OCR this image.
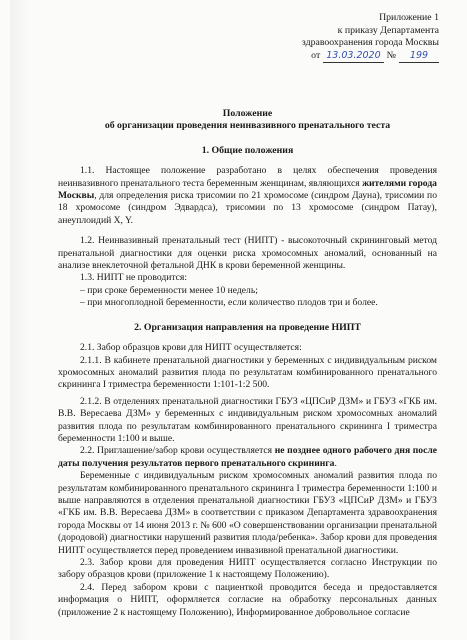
Приложение 1
к приказу Департамента
здравоохранения города Москвы
от 13.03.2020 №	199
Положение
об организации проведения неинвазивного пренатального теста
1. Общие положения

1.1. Настоящее положение разработано в целях обеспечения проведения неинвазивного пренатального теста беременным женщинам, являющихся жителями города Москвы, для определения риска трисомии по 21 хромосоме (синдром Дауна), трисомии по 18 хромосоме (синдром Эдвардса), трисомии по 13 хромосоме (синдром Патау), анеуплоидий X, Y.

1.2. Неинвазивный пренатальный тест (НИПТ) - высокоточный скрининговый метод пренатальной диагностики для оценки риска хромосомных аномалий, основанный на анализе внеклеточной фетальной ДНК в крови беременной женщины.

1.3. НИПТ не проводится:

– при сроке беременности менее 10 недель;

– при многоплодной беременности, если количество плодов три и более.

2. Организация направления на проведение НИПТ

2.1. Забор образцов крови для НИПТ осуществляется:

2.1.1. В кабинете пренатальной диагностики у беременных с индивидуальным риском хромосомных аномалий развития плода по результатам комбинированного пренатального скрининга I триместра беременности 1:101-1:2 500.

2.1.2. В отделениях пренатальной диагностики ГБУЗ «ЦПСиР ДЗМ» и ГБУЗ «ГКБ им. В.В. Вересаева ДЗМ» у беременных с индивидуальным риском хромосомных аномалий развития плода по результатам комбинированного пренатального скрининга I триместра беременности 1:100 и выше.

2.2. Приглашение/забор крови осуществляется не позднее одного рабочего дня после даты получения результатов первого пренатального скрининга.

Беременные с индивидуальным риском хромосомных аномалий развития плода по результатам комбинированного пренатального скрининга I триместра беременности 1:100 и выше направляются в отделения пренатальной диагностики ГБУЗ «ЦПСиР ДЗМ» и ГБУЗ «ГКБ им. В.В. Вересаева ДЗМ» в соответствии с приказом Департамента здравоохранения города Москвы от 14 июня 2013 г. № 600 «О совершенствовании организации пренатальной (дородовой) диагностики нарушений развития плода/ребенка». Забор крови для проведения НИПТ осуществляется перед проведением инвазивной пренатальной диагностики.

2.3. Забор крови для проведения НИПТ осуществляется согласно Инструкции по забору образцов крови (приложение 1 к настоящему Положению).

2.4. Перед забором крови с пациенткой проводится беседа и предоставляется информация о НИПТ, оформляется согласие на обработку персональных данных (приложение 2 к настоящему Положению), Информированное добровольное согласие
